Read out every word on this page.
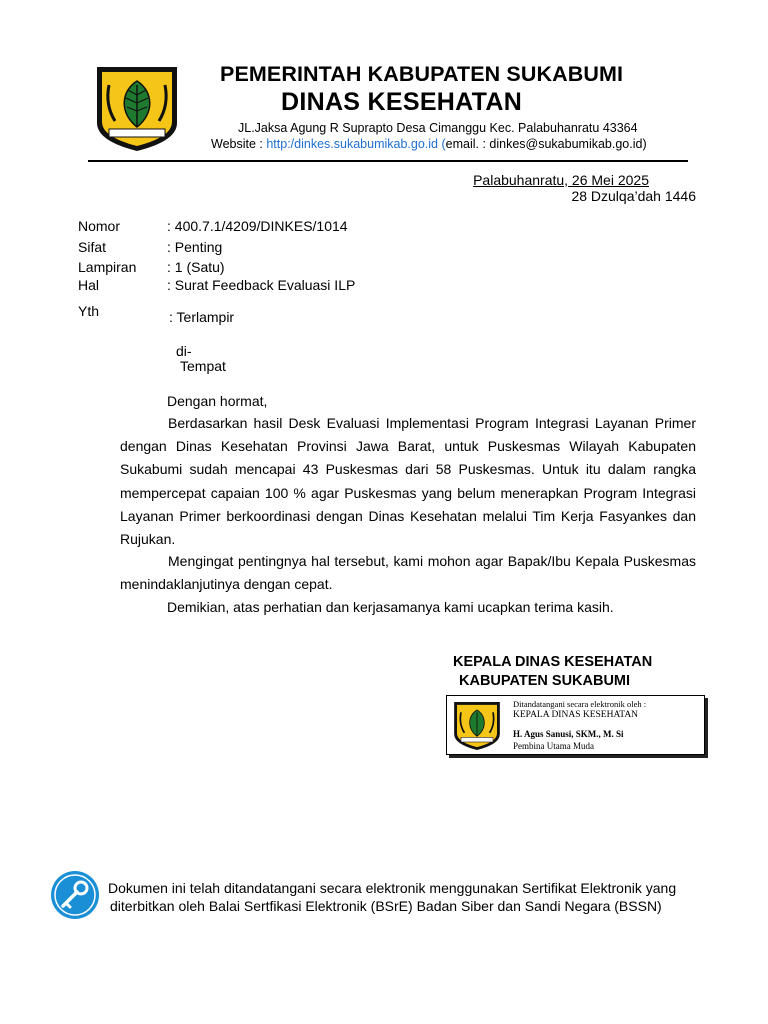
PEMERINTAH KABUPATEN SUKABUMI
DINAS KESEHATAN
JL.Jaksa Agung R Suprapto Desa Cimanggu Kec. Palabuhanratu 43364
Website : http:/dinkes.sukabumikab.go.id (email. : dinkes@sukabumikab.go.id)
Palabuhanratu, 26 Mei 2025
28 Dzulqa’dah 1446
Nomor	: 400.7.1/4209/DINKES/1014
Sifat	: Penting
Lampiran : 1 (Satu)
Hal	: Surat Feedback Evaluasi ILP
Yth	: Terlampir
di-
Tempat
Dengan hormat,

Berdasarkan hasil Desk Evaluasi Implementasi Program Integrasi Layanan Primer dengan Dinas Kesehatan Provinsi Jawa Barat, untuk Puskesmas Wilayah Kabupaten Sukabumi sudah mencapai 43 Puskesmas dari 58 Puskesmas. Untuk itu dalam rangka mempercepat capaian 100 % agar Puskesmas yang belum menerapkan Program Integrasi Layanan Primer berkoordinasi dengan Dinas Kesehatan melalui Tim Kerja Fasyankes dan Rujukan.

Mengingat pentingnya hal tersebut, kami mohon agar Bapak/Ibu Kepala Puskesmas menindaklanjutinya dengan cepat.

Demikian, atas perhatian dan kerjasamanya kami ucapkan terima kasih.
KEPALA DINAS KESEHATAN
KABUPATEN SUKABUMI
Ditandatangani secara elektronik oleh :
KEPALA DINAS KESEHATAN
H. Agus Sanusi, SKM., M. Si
Pembina Utama Muda
Dokumen ini telah ditandatangani secara elektronik menggunakan Sertifikat Elektronik yang
diterbitkan oleh Balai Sertfikasi Elektronik (BSrE) Badan Siber dan Sandi Negara (BSSN)
